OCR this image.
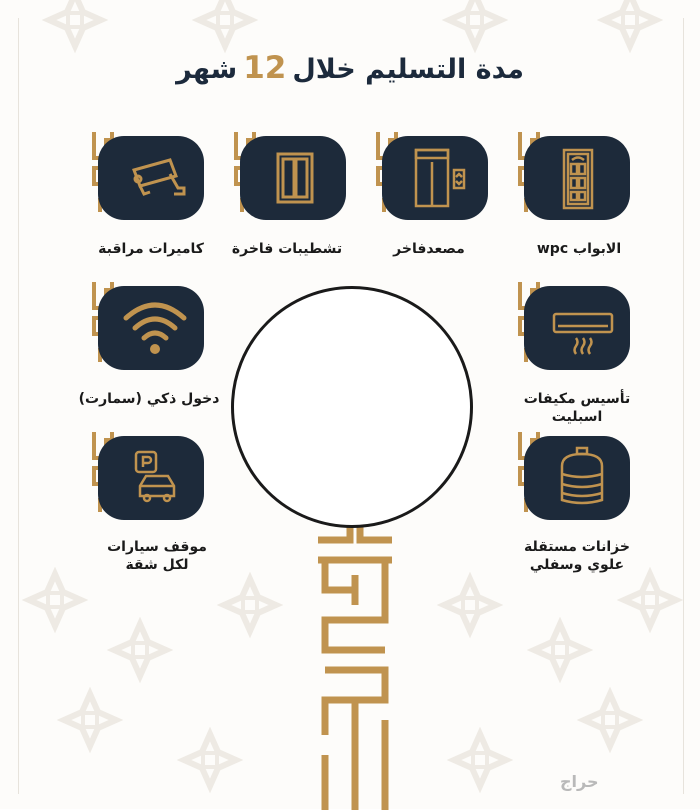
مدة التسليم خلال12شهر
كاميرات مراقبة	تشطيبات فاخرة	مصعدفاخر	الابواب wpc
دخول ذكي (سمارت)	تأسيس مكيفات
اسبليت
موقف سيارات
لكل شقة
خزانات مستقلة
علوي وسفلي
حراج
